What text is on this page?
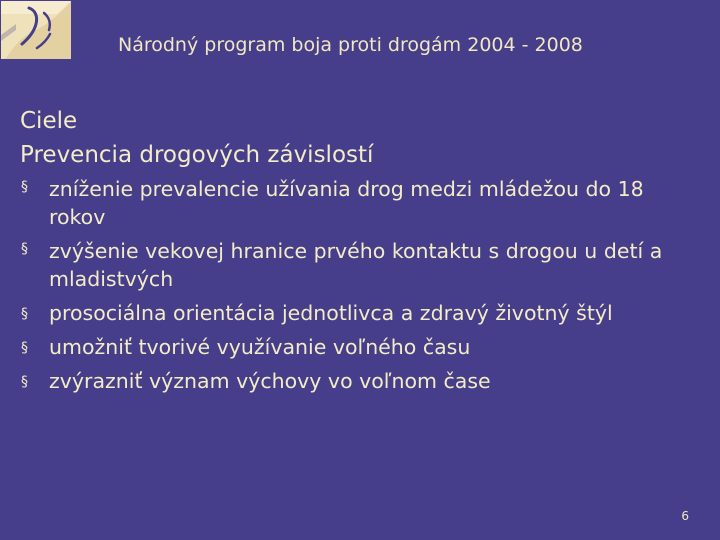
Národný program boja proti drogám 2004 - 2008
Ciele
Prevencia drogových závislostí
§ zníženie prevalencie užívania drog medzi mládežou do 18 rokov
§ zvýšenie vekovej hranice prvého kontaktu s drogou u detí a mladistvých
§ prosociálna orientácia jednotlivca a zdravý životný štýl
§ umožniť tvorivé využívanie voľného času
§ zvýrazniť význam výchovy vo voľnom čase
6
